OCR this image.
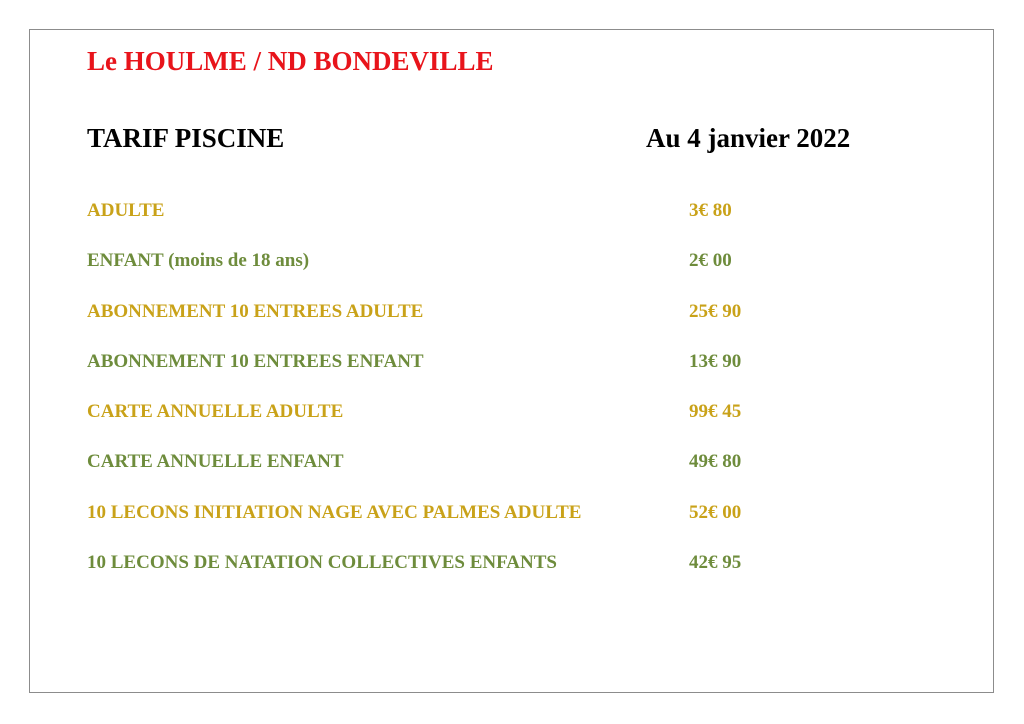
Le HOULME / ND BONDEVILLE
TARIF PISCINE	Au 4 janvier 2022
ADULTE	3€ 80
ENFANT (moins de 18 ans)	2€ 00
ABONNEMENT 10 ENTREES ADULTE	25€ 90
ABONNEMENT 10 ENTREES ENFANT	13€ 90
CARTE ANNUELLE ADULTE	99€ 45
CARTE ANNUELLE ENFANT	49€ 80
10 LECONS INITIATION NAGE AVEC PALMES ADULTE	52€ 00
10 LECONS DE NATATION COLLECTIVES ENFANTS	42€ 95
